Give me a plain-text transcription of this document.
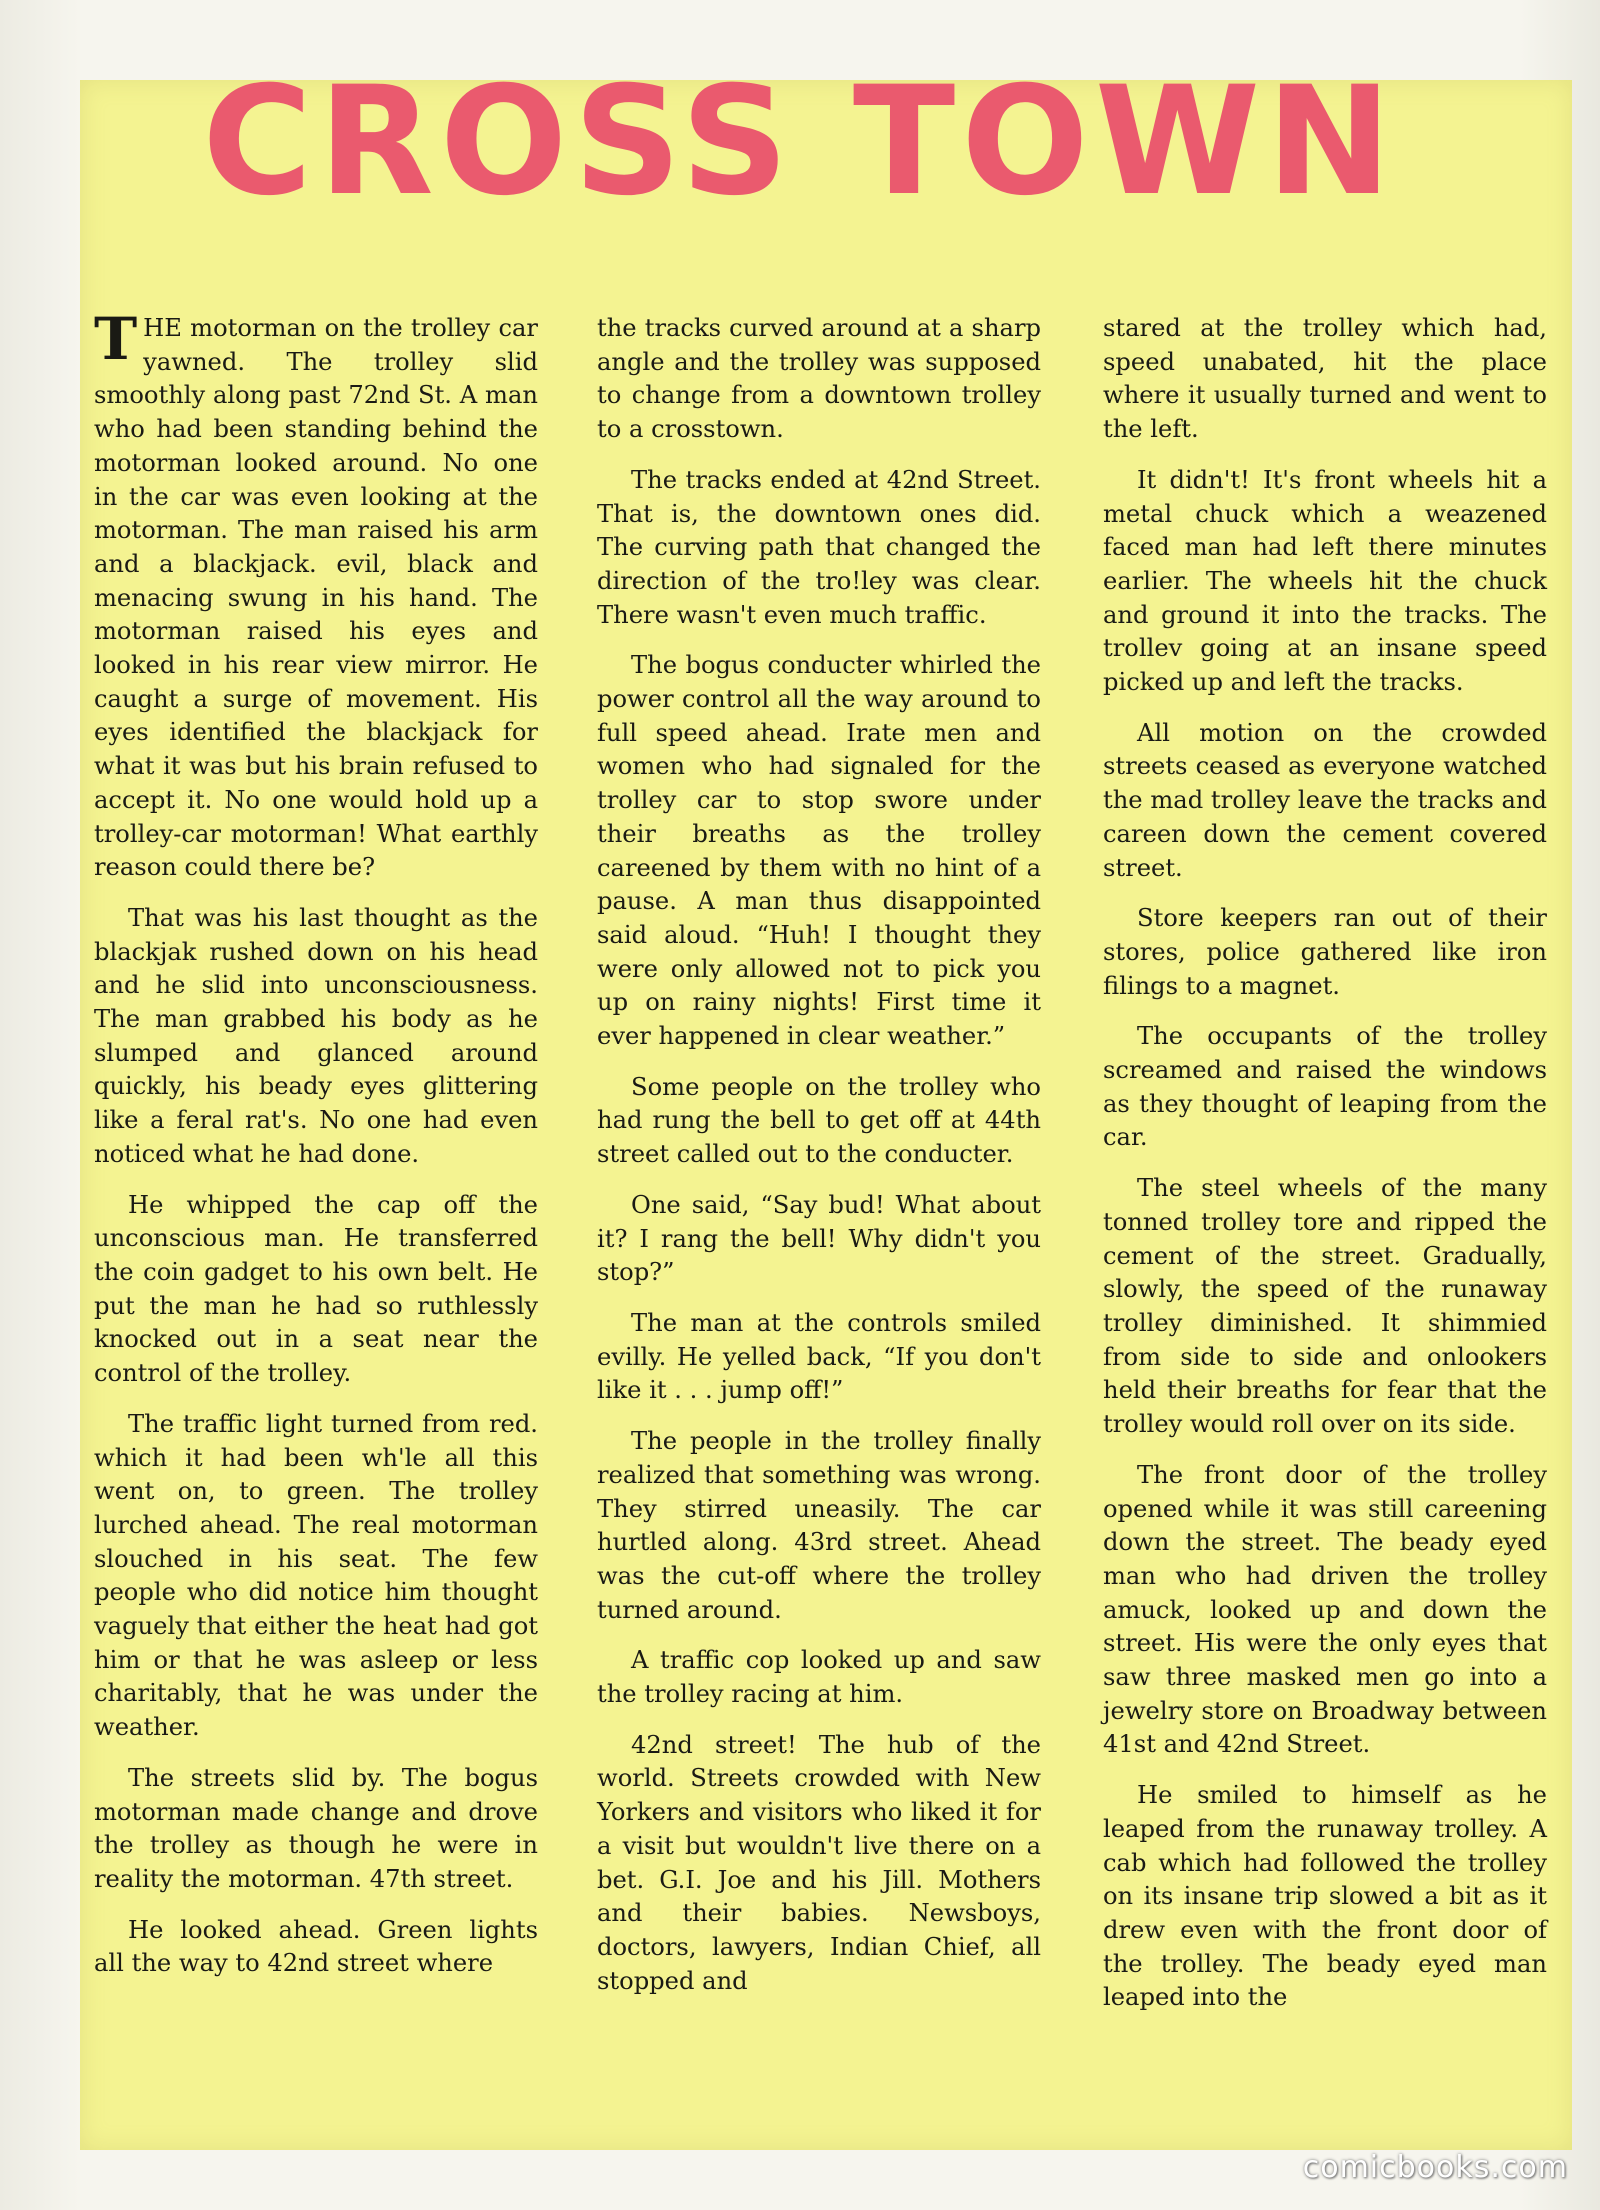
CROSS TOWN

THE motorman on the trolley car yawned. The trolley slid smoothly along past 72nd St. A man who had been standing behind the motorman looked around. No one in the car was even looking at the motorman. The man raised his arm and a blackjack. evil, black and menacing swung in his hand. The motorman raised his eyes and looked in his rear view mirror. He caught a surge of movement. His eyes identified the blackjack for what it was but his brain refused to accept it. No one would hold up a trolley-car motorman! What earthly reason could there be?

That was his last thought as the blackjak rushed down on his head and he slid into unconsciousness. The man grabbed his body as he slumped and glanced around quickly, his beady eyes glittering like a feral rat's. No one had even noticed what he had done.

He whipped the cap off the unconscious man. He transferred the coin gadget to his own belt. He put the man he had so ruthlessly knocked out in a seat near the control of the trolley.

The traffic light turned from red. which it had been wh'le all this went on, to green. The trolley lurched ahead. The real motorman slouched in his seat. The few people who did notice him thought vaguely that either the heat had got him or that he was asleep or less charitably, that he was under the weather.

The streets slid by. The bogus motorman made change and drove the trolley as though he were in reality the motorman. 47th street.

He looked ahead. Green lights all the way to 42nd street where

the tracks curved around at a sharp angle and the trolley was supposed to change from a downtown trolley to a crosstown.

The tracks ended at 42nd Street. That is, the downtown ones did. The curving path that changed the direction of the tro!ley was clear. There wasn't even much traffic.

The bogus conducter whirled the power control all the way around to full speed ahead. Irate men and women who had signaled for the trolley car to stop swore under their breaths as the trolley careened by them with no hint of a pause. A man thus disappointed said aloud. “Huh! I thought they were only allowed not to pick you up on rainy nights! First time it ever happened in clear weather.”

Some people on the trolley who had rung the bell to get off at 44th street called out to the conducter.

One said, “Say bud! What about it? I rang the bell! Why didn't you stop?”

The man at the controls smiled evilly. He yelled back, “If you don't like it . . . jump off!”

The people in the trolley finally realized that something was wrong. They stirred uneasily. The car hurtled along. 43rd street. Ahead was the cut-off where the trolley turned around.

A traffic cop looked up and saw the trolley racing at him.

42nd street! The hub of the world. Streets crowded with New Yorkers and visitors who liked it for a visit but wouldn't live there on a bet. G.I. Joe and his Jill. Mothers and their babies. Newsboys, doctors, lawyers, Indian Chief, all stopped and

stared at the trolley which had, speed unabated, hit the place where it usually turned and went to the left.

It didn't! It's front wheels hit a metal chuck which a weazened faced man had left there minutes earlier. The wheels hit the chuck and ground it into the tracks. The trollev going at an insane speed picked up and left the tracks.

All motion on the crowded streets ceased as everyone watched the mad trolley leave the tracks and careen down the cement covered street.

Store keepers ran out of their stores, police gathered like iron filings to a magnet.

The occupants of the trolley screamed and raised the windows as they thought of leaping from the car.

The steel wheels of the many tonned trolley tore and ripped the cement of the street. Gradually, slowly, the speed of the runaway trolley diminished. It shimmied from side to side and onlookers held their breaths for fear that the trolley would roll over on its side.

The front door of the trolley opened while it was still careening down the street. The beady eyed man who had driven the trolley amuck, looked up and down the street. His were the only eyes that saw three masked men go into a jewelry store on Broadway between 41st and 42nd Street.

He smiled to himself as he leaped from the runaway trolley. A cab which had followed the trolley on its insane trip slowed a bit as it drew even with the front door of the trolley. The beady eyed man leaped into the

comicbooks.com
